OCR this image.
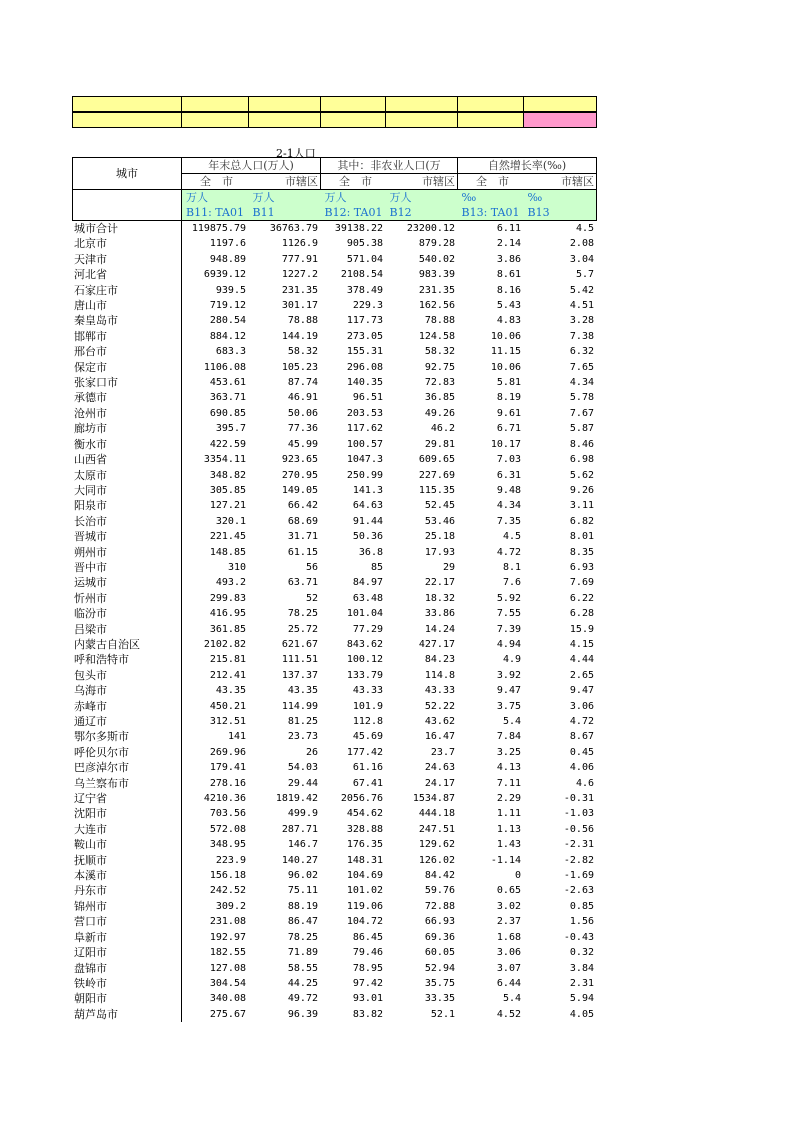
2-1人口
城市	年末总人口(万人)		其中：非农业人口(万		自然增长率(‰)	
	全　市	市辖区	全　市	市辖区	全　市	市辖区
	万人	万人	万人	万人	‰	‰
	B11: TA01	B11	B12: TA01	B12	B13: TA01	B13
城市合计	119875.79	36763.79	39138.22	23200.12	6.11	4.5
北京市	1197.6	1126.9	905.38	879.28	2.14	2.08
天津市	948.89	777.91	571.04	540.02	3.86	3.04
河北省	6939.12	1227.2	2108.54	983.39	8.61	5.7
石家庄市	939.5	231.35	378.49	231.35	8.16	5.42
唐山市	719.12	301.17	229.3	162.56	5.43	4.51
秦皇岛市	280.54	78.88	117.73	78.88	4.83	3.28
邯郸市	884.12	144.19	273.05	124.58	10.06	7.38
邢台市	683.3	58.32	155.31	58.32	11.15	6.32
保定市	1106.08	105.23	296.08	92.75	10.06	7.65
张家口市	453.61	87.74	140.35	72.83	5.81	4.34
承德市	363.71	46.91	96.51	36.85	8.19	5.78
沧州市	690.85	50.06	203.53	49.26	9.61	7.67
廊坊市	395.7	77.36	117.62	46.2	6.71	5.87
衡水市	422.59	45.99	100.57	29.81	10.17	8.46
山西省	3354.11	923.65	1047.3	609.65	7.03	6.98
太原市	348.82	270.95	250.99	227.69	6.31	5.62
大同市	305.85	149.05	141.3	115.35	9.48	9.26
阳泉市	127.21	66.42	64.63	52.45	4.34	3.11
长治市	320.1	68.69	91.44	53.46	7.35	6.82
晋城市	221.45	31.71	50.36	25.18	4.5	8.01
朔州市	148.85	61.15	36.8	17.93	4.72	8.35
晋中市	310	56	85	29	8.1	6.93
运城市	493.2	63.71	84.97	22.17	7.6	7.69
忻州市	299.83	52	63.48	18.32	5.92	6.22
临汾市	416.95	78.25	101.04	33.86	7.55	6.28
吕梁市	361.85	25.72	77.29	14.24	7.39	15.9
内蒙古自治区	2102.82	621.67	843.62	427.17	4.94	4.15
呼和浩特市	215.81	111.51	100.12	84.23	4.9	4.44
包头市	212.41	137.37	133.79	114.8	3.92	2.65
乌海市	43.35	43.35	43.33	43.33	9.47	9.47
赤峰市	450.21	114.99	101.9	52.22	3.75	3.06
通辽市	312.51	81.25	112.8	43.62	5.4	4.72
鄂尔多斯市	141	23.73	45.69	16.47	7.84	8.67
呼伦贝尔市	269.96	26	177.42	23.7	3.25	0.45
巴彦淖尔市	179.41	54.03	61.16	24.63	4.13	4.06
乌兰察布市	278.16	29.44	67.41	24.17	7.11	4.6
辽宁省	4210.36	1819.42	2056.76	1534.87	2.29	-0.31
沈阳市	703.56	499.9	454.62	444.18	1.11	-1.03
大连市	572.08	287.71	328.88	247.51	1.13	-0.56
鞍山市	348.95	146.7	176.35	129.62	1.43	-2.31
抚顺市	223.9	140.27	148.31	126.02	-1.14	-2.82
本溪市	156.18	96.02	104.69	84.42	0	-1.69
丹东市	242.52	75.11	101.02	59.76	0.65	-2.63
锦州市	309.2	88.19	119.06	72.88	3.02	0.85
营口市	231.08	86.47	104.72	66.93	2.37	1.56
阜新市	192.97	78.25	86.45	69.36	1.68	-0.43
辽阳市	182.55	71.89	79.46	60.05	3.06	0.32
盘锦市	127.08	58.55	78.95	52.94	3.07	3.84
铁岭市	304.54	44.25	97.42	35.75	6.44	2.31
朝阳市	340.08	49.72	93.01	33.35	5.4	5.94
葫芦岛市	275.67	96.39	83.82	52.1	4.52	4.05
